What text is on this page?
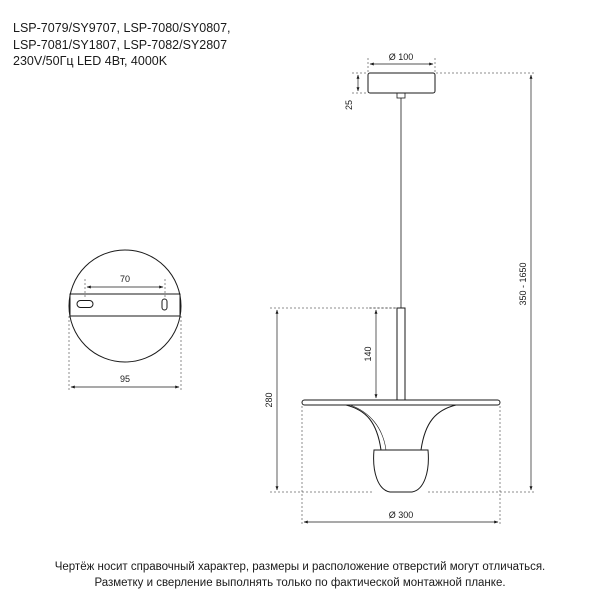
LSP-7079/SY9707, LSP-7080/SY0807,
LSP-7081/SY1807, LSP-7082/SY2807
230V/50Гц LED 4Вт, 4000K
70
95
Ø 100
25
350 - 1650
140
280
Ø 300
Чертёж носит справочный характер, размеры и расположение отверстий могут отличаться.
Разметку и сверление выполнять только по фактической монтажной планке.
